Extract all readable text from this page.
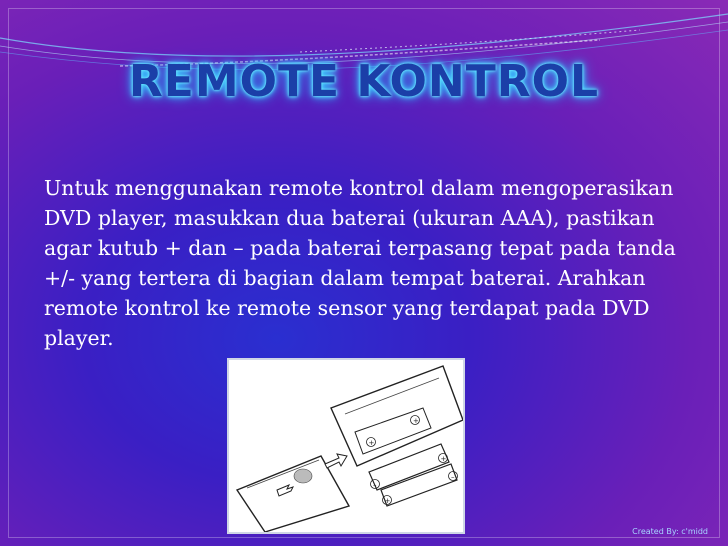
REMOTE KONTROL
Untuk menggunakan remote kontrol dalam mengoperasikan DVD player, masukkan dua baterai (ukuran AAA), pastikan agar kutub + dan – pada baterai terpasang tepat pada tanda +/- yang tertera di bagian dalam tempat baterai. Arahkan remote kontrol ke remote sensor yang terdapat pada DVD player.
+
+
–
+
+
–
Created By: c'midd
